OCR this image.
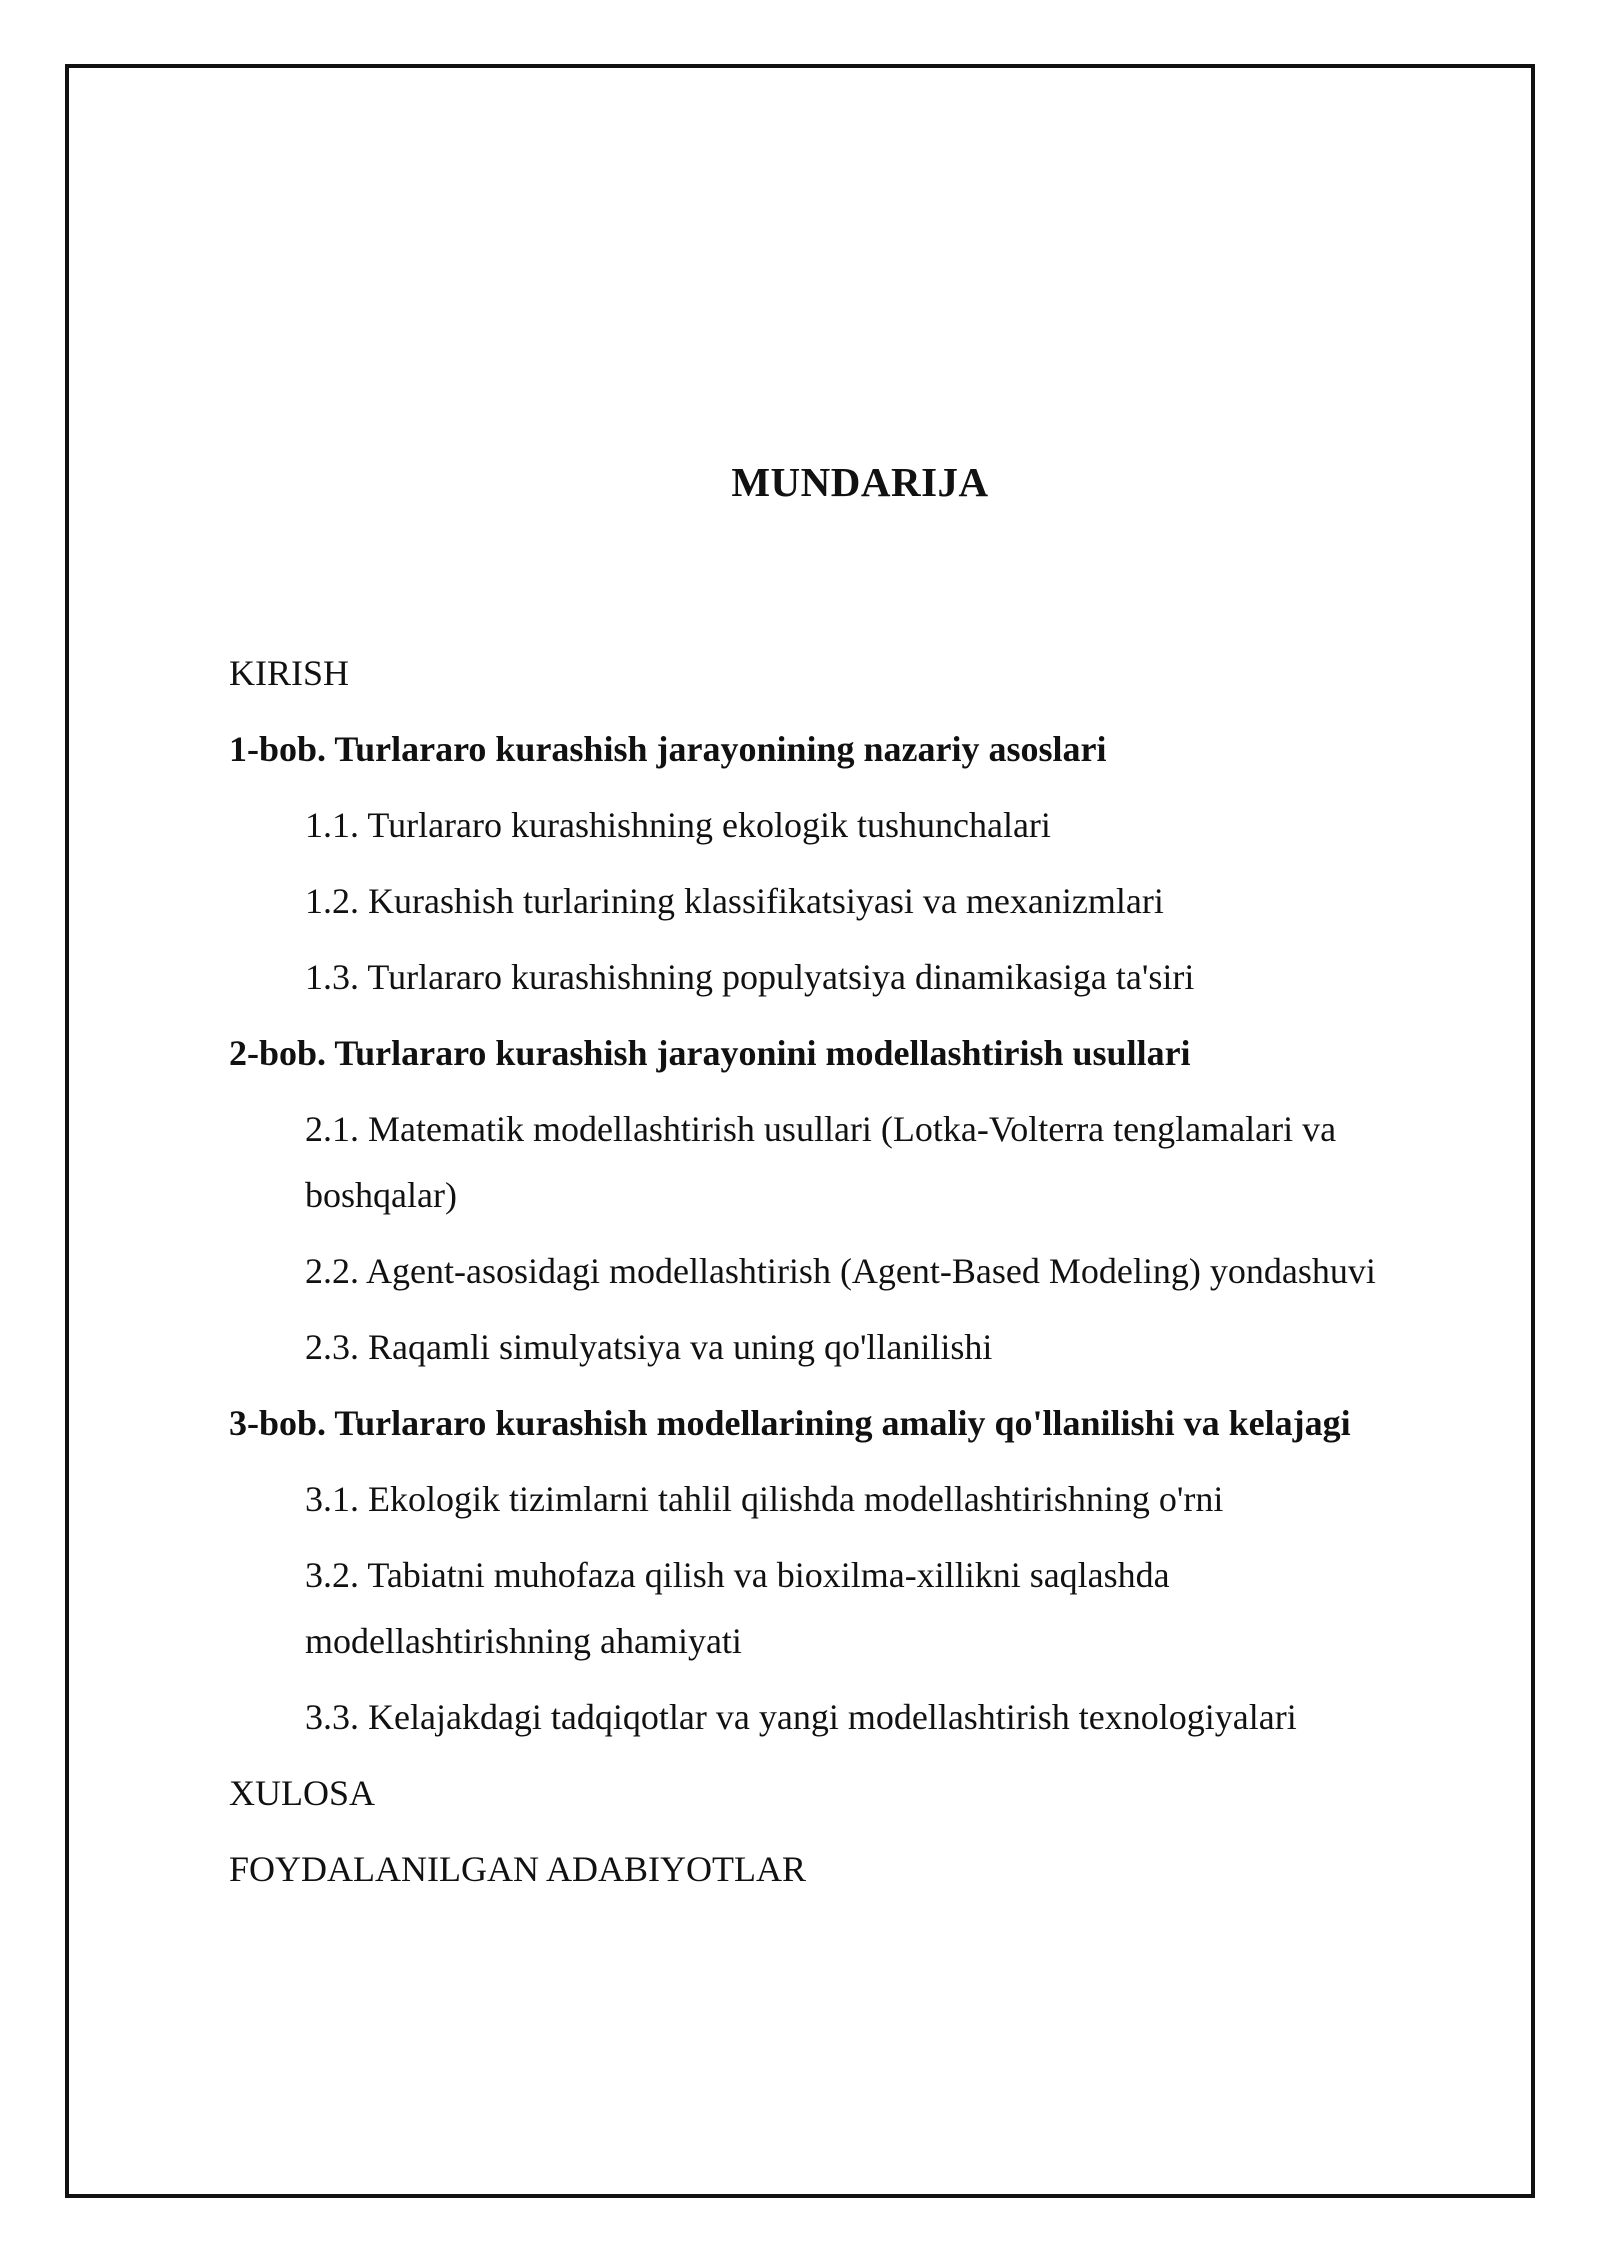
MUNDARIJA
KIRISH
1-bob. Turlararo kurashish jarayonining nazariy asoslari
1.1. Turlararo kurashishning ekologik tushunchalari
1.2. Kurashish turlarining klassifikatsiyasi va mexanizmlari
1.3. Turlararo kurashishning populyatsiya dinamikasiga ta'siri
2-bob. Turlararo kurashish jarayonini modellashtirish usullari
2.1. Matematik modellashtirish usullari (Lotka-Volterra tenglamalari va boshqalar)
2.2. Agent-asosidagi modellashtirish (Agent-Based Modeling) yondashuvi
2.3. Raqamli simulyatsiya va uning qo'llanilishi
3-bob. Turlararo kurashish modellarining amaliy qo'llanilishi va kelajagi
3.1. Ekologik tizimlarni tahlil qilishda modellashtirishning o'rni
3.2. Tabiatni muhofaza qilish va bioxilma-xillikni saqlashda modellashtirishning ahamiyati
3.3. Kelajakdagi tadqiqotlar va yangi modellashtirish texnologiyalari
XULOSA
FOYDALANILGAN ADABIYOTLAR
